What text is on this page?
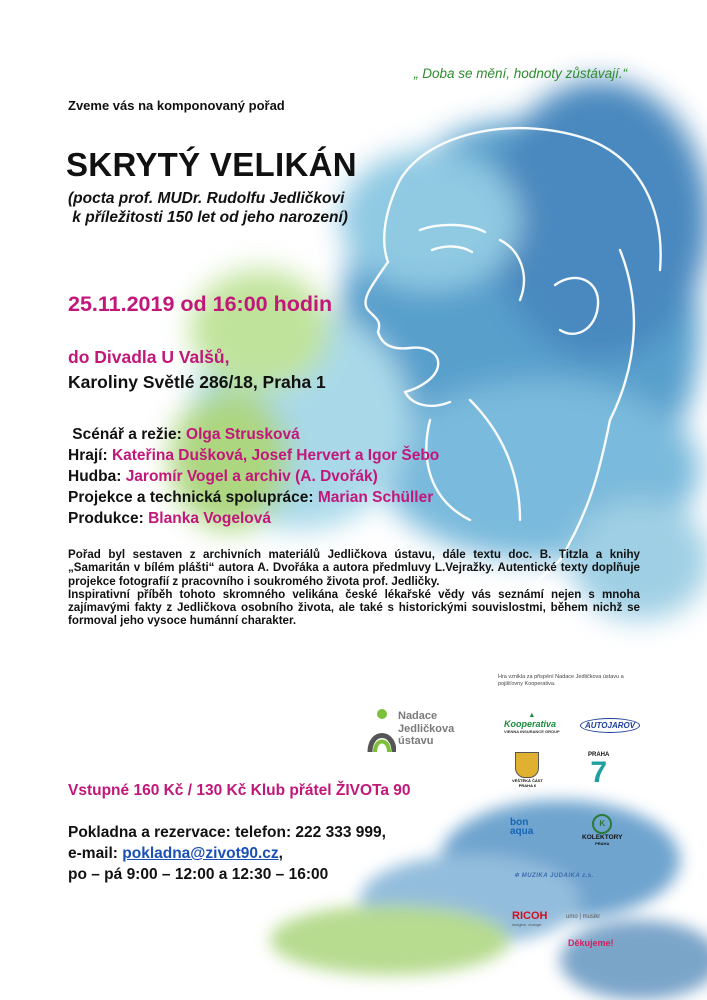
„ Doba se mění, hodnoty zůstávají.“
Zveme vás na komponovaný pořad
SKRYTÝ VELIKÁN
(pocta prof. MUDr. Rudolfu Jedličkovi
k příležitosti 150 let od jeho narození)
25.11.2019 od 16:00 hodin
do Divadla U Valšů,
Karoliny Světlé 286/18, Praha 1
Scénář a režie: Olga Strusková
Hrají: Kateřina Dušková, Josef Hervert a Igor Šebo
Hudba: Jaromír Vogel a archiv (A. Dvořák)
Projekce a technická spolupráce: Marian Schüller
Produkce: Blanka Vogelová

Pořad byl sestaven z archivních materiálů Jedličkova ústavu, dále textu doc. B. Titzla a knihy „Samaritán v bílém plášti“ autora A. Dvořáka a autora předmluvy L.Vejražky. Autentické texty doplňuje projekce fotografií z pracovního i soukromého života prof. Jedličky.

Inspirativní příběh tohoto skromného velikána české lékařské vědy vás seznámí nejen s mnoha zajímavými fakty z Jedličkova osobního života, ale také s historickými souvislostmi, během nichž se formoval jeho vysoce humánní charakter.

Hra vznikla za přispění Nadace Jedličkova ústavu a pojišťovny Kooperativa.
Nadace
Jedličkova
ústavu
▲
Kooperativa
VIENNA INSURANCE GROUP
AUTOJAROV
VÉŠTĚKÁ ČÁST
PRAHA 6
PRAHA
7
bon
aqua
K
KOLEKTORY
PRAHA
✡ MUZIKA JUDAIKA z.s.
RICOH
imagine. change.
umo | musikr
Děkujeme!
Vstupné 160 Kč / 130 Kč Klub přátel ŽIVOTa 90
Pokladna a rezervace: telefon: 222 333 999,
e-mail: pokladna@zivot90.cz,
po – pá 9:00 – 12:00 a 12:30 – 16:00
